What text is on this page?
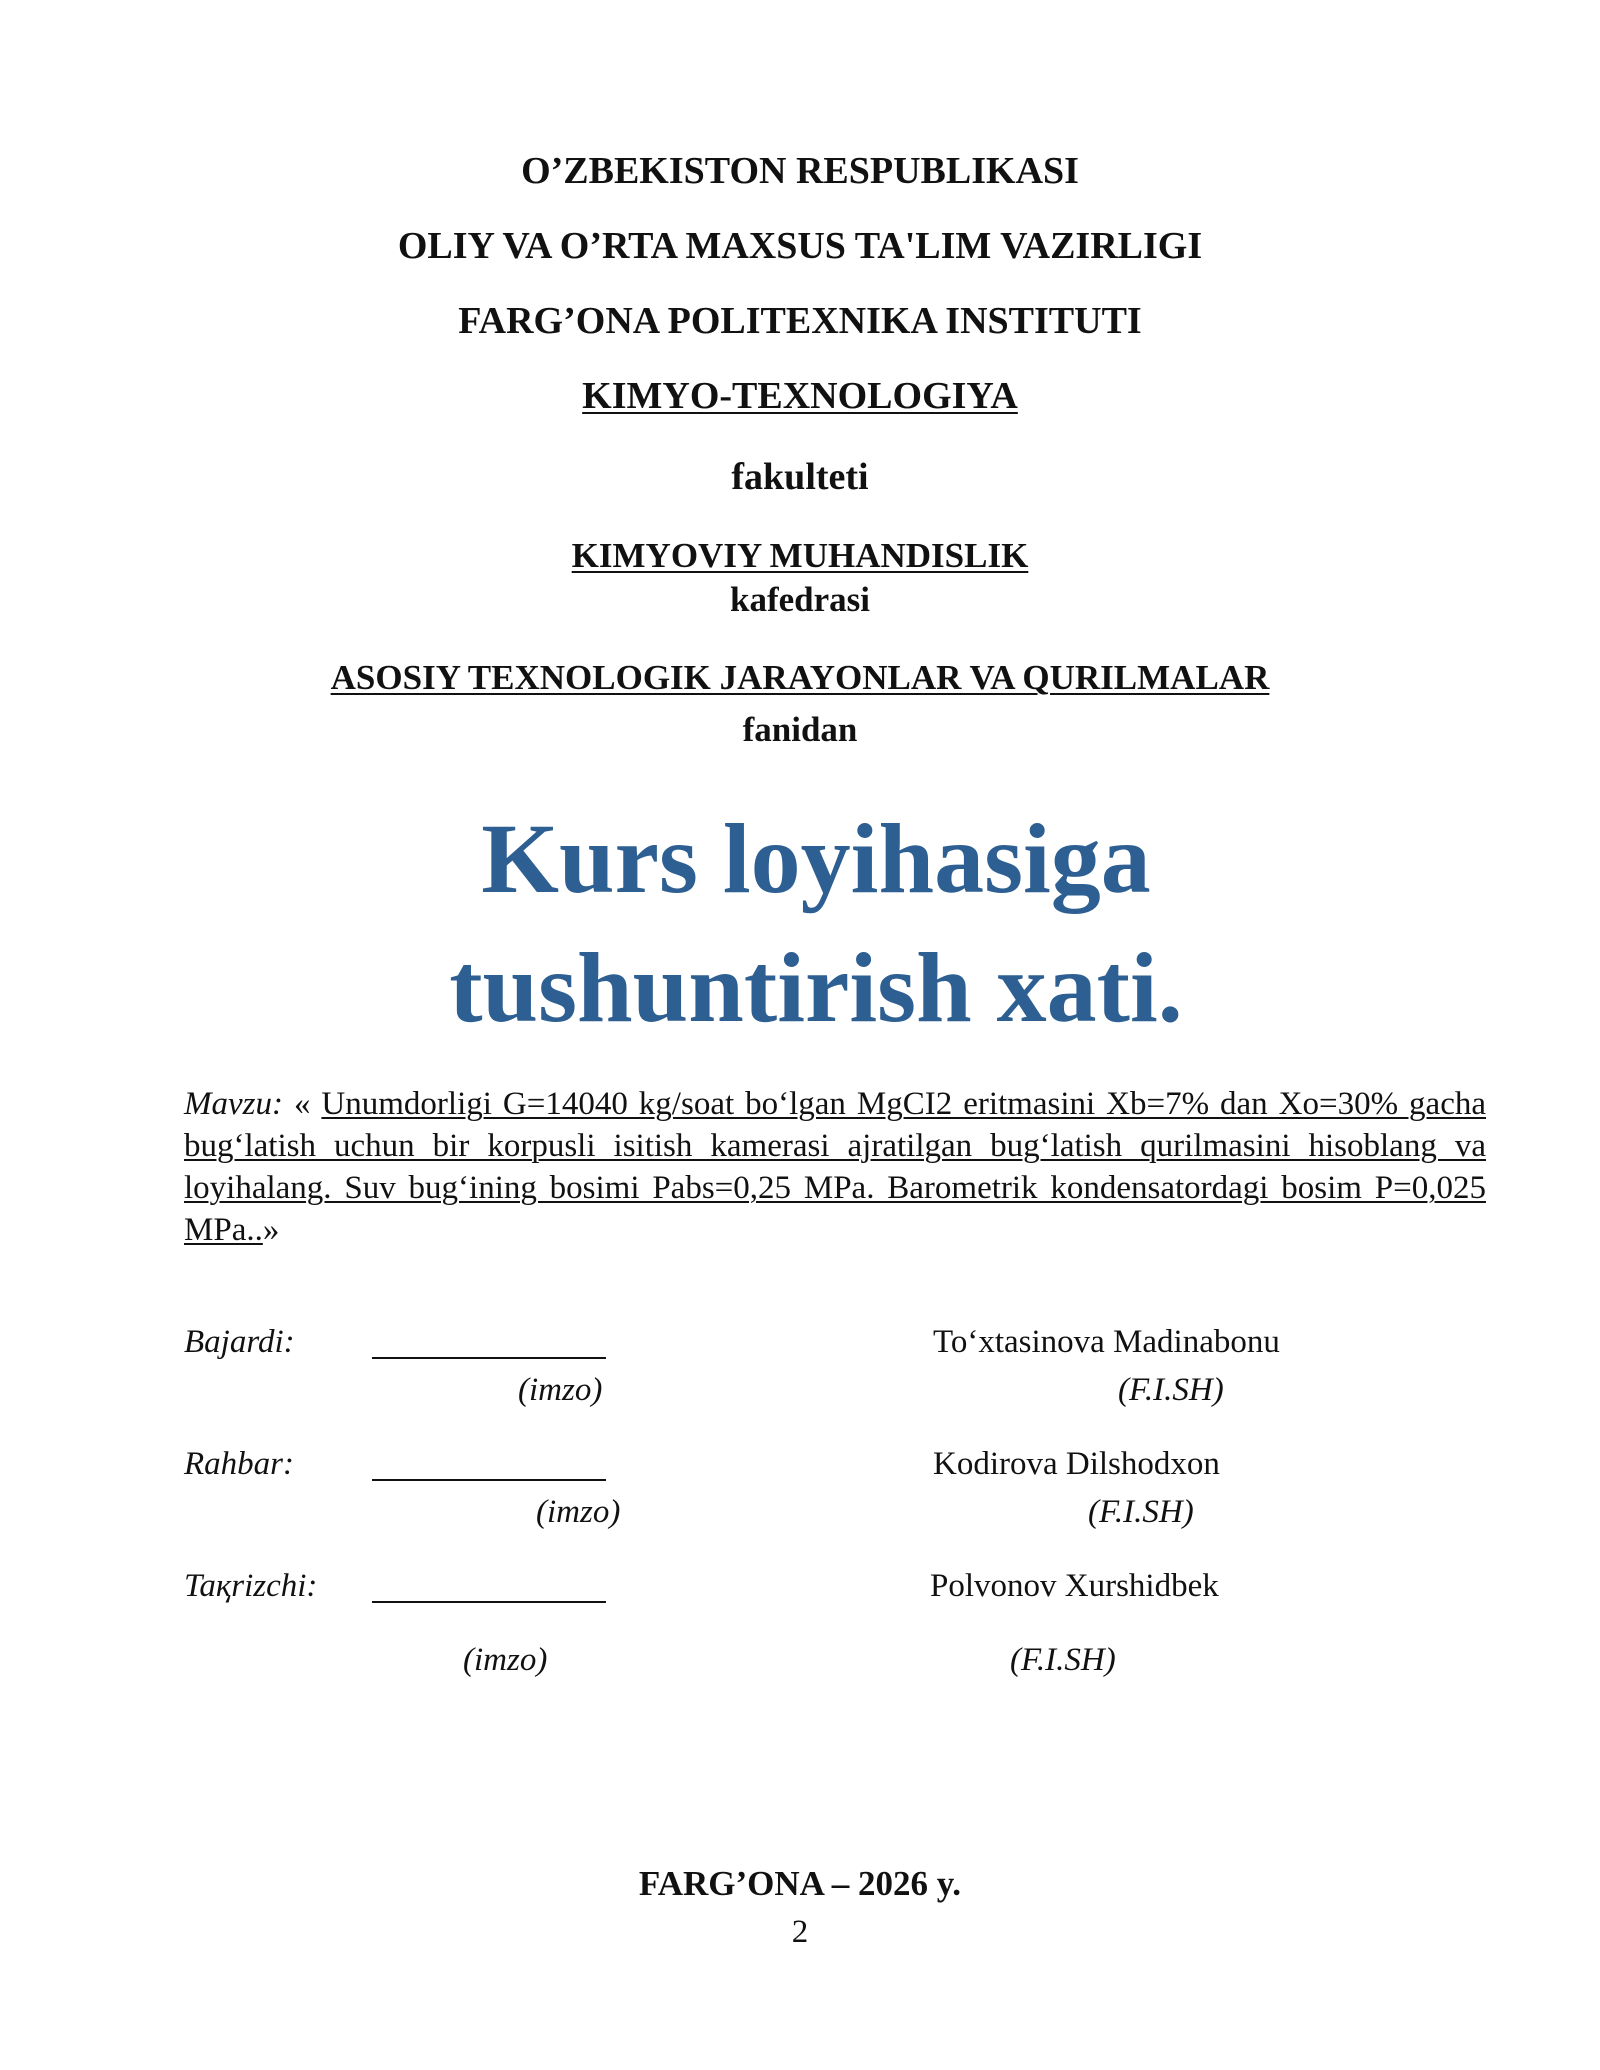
O’ZBEKISTON RESPUBLIKASI
OLIY VA O’RTA MAXSUS TA'LIM VAZIRLIGI
FARG’ONA POLITEXNIKA INSTITUTI
KIMYO-TEXNOLOGIYA
fakulteti
KIMYOVIY MUHANDISLIK
kafedrasi
ASOSIY TEXNOLOGIK JARAYONLAR VA QURILMALAR
fanidan
Kurs loyihasiga
tushuntirish xati.
Mavzu: « Unumdorligi G=14040 kg/soat bo‘lgan MgCI2 eritmasini Xb=7% dan Xo=30% gacha bug‘latish uchun bir korpusli isitish kamerasi ajratilgan bug‘latish qurilmasini hisoblang va loyihalang. Suv bug‘ining bosimi Pabs=0,25 MPa. Barometrik kondensatordagi bosim P=0,025 MPa..»
Bajardi:	To‘xtasinova Madinabonu
(imzo)	(F.I.SH)
Rahbar:	Kodirova Dilshodxon
(imzo)	(F.I.SH)
Taқrizchi:	Polvonov Xurshidbek
(imzo)	(F.I.SH)
FARG’ONA – 2026 y.
2
